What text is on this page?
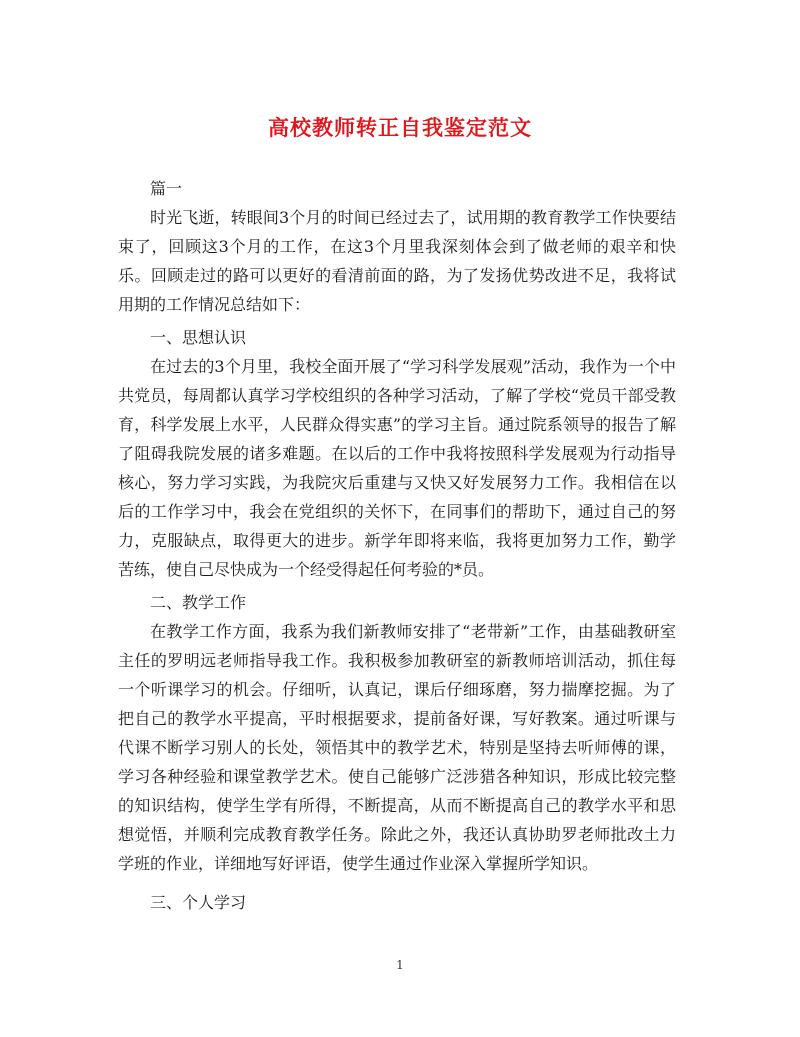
高校教师转正自我鉴定范文

篇一

时光飞逝，转眼间3个月的时间已经过去了，试用期的教育教学工作快要结束了，回顾这3个月的工作，在这3个月里我深刻体会到了做老师的艰辛和快乐。回顾走过的路可以更好的看清前面的路，为了发扬优势改进不足，我将试用期的工作情况总结如下：

一、思想认识

在过去的3个月里，我校全面开展了“学习科学发展观”活动，我作为一个中共党员，每周都认真学习学校组织的各种学习活动，了解了学校“党员干部受教育，科学发展上水平，人民群众得实惠”的学习主旨。通过院系领导的报告了解了阻碍我院发展的诸多难题。在以后的工作中我将按照科学发展观为行动指导核心，努力学习实践，为我院灾后重建与又快又好发展努力工作。我相信在以后的工作学习中，我会在党组织的关怀下，在同事们的帮助下，通过自己的努力，克服缺点，取得更大的进步。新学年即将来临，我将更加努力工作，勤学苦练，使自己尽快成为一个经受得起任何考验的*员。

二、教学工作

在教学工作方面，我系为我们新教师安排了“老带新”工作，由基础教研室主任的罗明远老师指导我工作。我积极参加教研室的新教师培训活动，抓住每一个听课学习的机会。仔细听，认真记，课后仔细琢磨，努力揣摩挖掘。为了把自己的教学水平提高，平时根据要求，提前备好课，写好教案。通过听课与代课不断学习别人的长处，领悟其中的教学艺术，特别是坚持去听师傅的课，学习各种经验和课堂教学艺术。使自己能够广泛涉猎各种知识，形成比较完整的知识结构，使学生学有所得，不断提高，从而不断提高自己的教学水平和思想觉悟，并顺利完成教育教学任务。除此之外，我还认真协助罗老师批改土力学班的作业，详细地写好评语，使学生通过作业深入掌握所学知识。

三、个人学习

1
